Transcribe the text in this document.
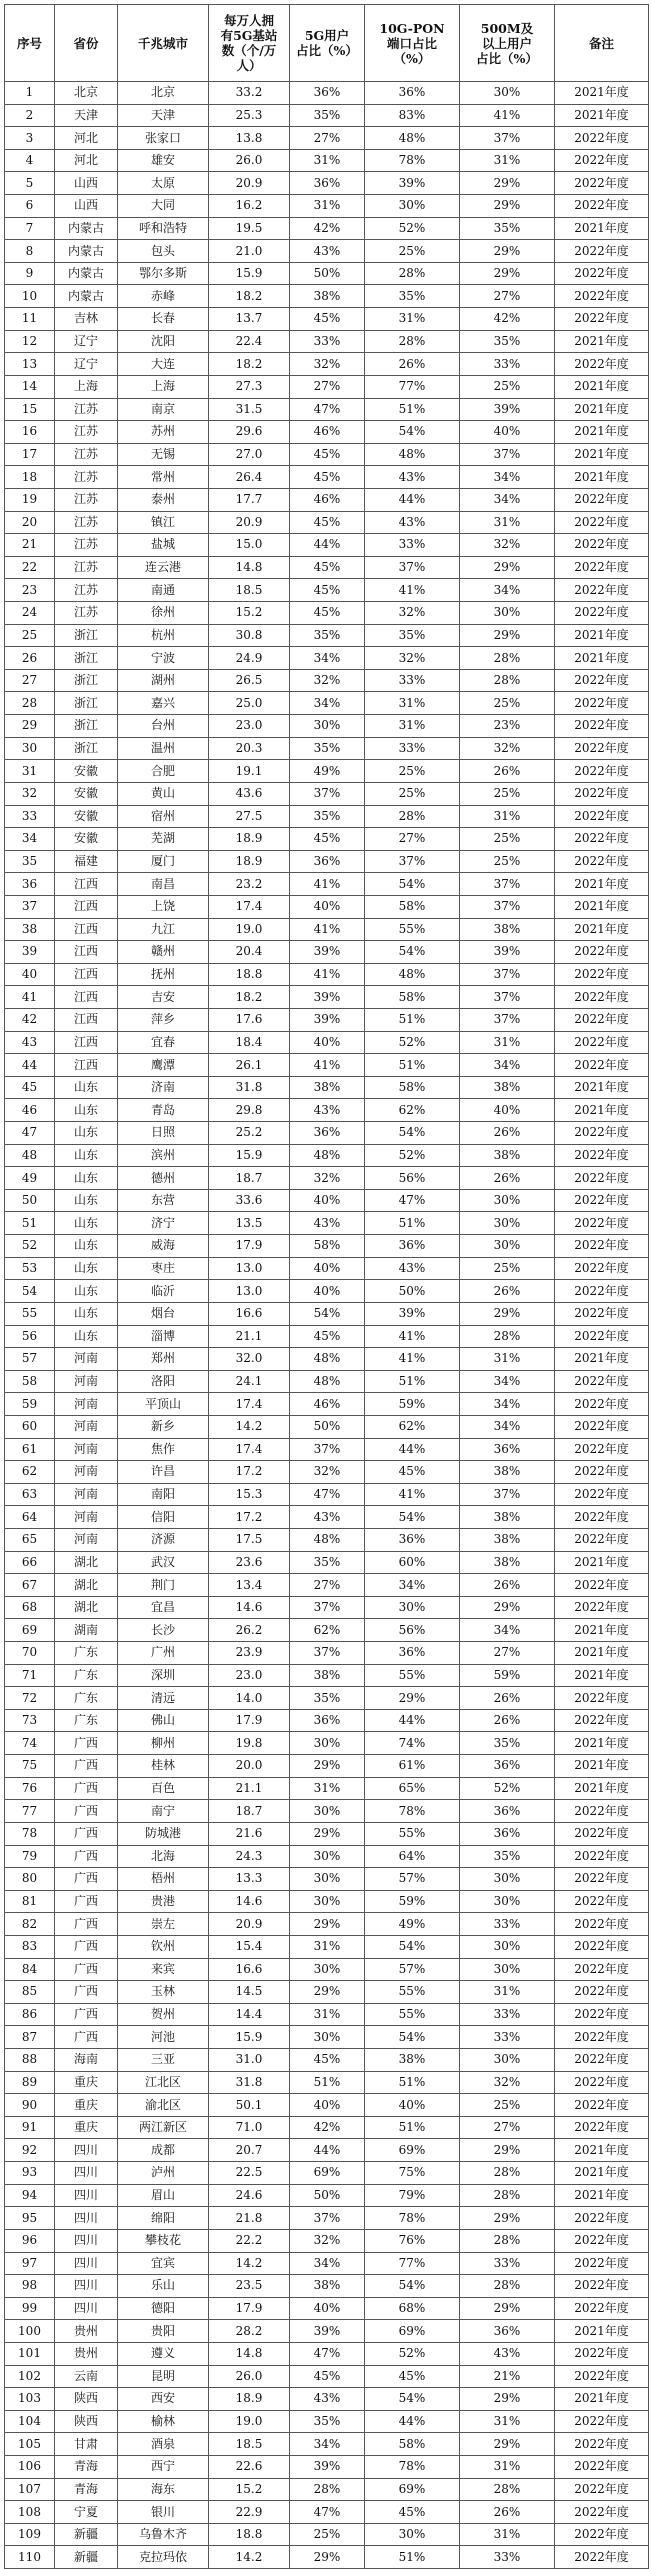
序号	省份	千兆城市	每万人拥
有5G基站
数（个/万
人）	5G用户
占比（%）	10G-PON
端口占比
（%）	500M及
以上用户
占比（%）	备注
1	北京	北京	33.2	36%	36%	30%	2021年度
2	天津	天津	25.3	35%	83%	41%	2021年度
3	河北	张家口	13.8	27%	48%	37%	2022年度
4	河北	雄安	26.0	31%	78%	31%	2022年度
5	山西	太原	20.9	36%	39%	29%	2022年度
6	山西	大同	16.2	31%	30%	29%	2022年度
7	内蒙古	呼和浩特	19.5	42%	52%	35%	2021年度
8	内蒙古	包头	21.0	43%	25%	29%	2022年度
9	内蒙古	鄂尔多斯	15.9	50%	28%	29%	2022年度
10	内蒙古	赤峰	18.2	38%	35%	27%	2022年度
11	吉林	长春	13.7	45%	31%	42%	2022年度
12	辽宁	沈阳	22.4	33%	28%	35%	2021年度
13	辽宁	大连	18.2	32%	26%	33%	2022年度
14	上海	上海	27.3	27%	77%	25%	2021年度
15	江苏	南京	31.5	47%	51%	39%	2021年度
16	江苏	苏州	29.6	46%	54%	40%	2021年度
17	江苏	无锡	27.0	45%	48%	37%	2021年度
18	江苏	常州	26.4	45%	43%	34%	2021年度
19	江苏	泰州	17.7	46%	44%	34%	2022年度
20	江苏	镇江	20.9	45%	43%	31%	2022年度
21	江苏	盐城	15.0	44%	33%	32%	2022年度
22	江苏	连云港	14.8	45%	37%	29%	2022年度
23	江苏	南通	18.5	45%	41%	34%	2022年度
24	江苏	徐州	15.2	45%	32%	30%	2022年度
25	浙江	杭州	30.8	35%	35%	29%	2021年度
26	浙江	宁波	24.9	34%	32%	28%	2021年度
27	浙江	湖州	26.5	32%	33%	28%	2022年度
28	浙江	嘉兴	25.0	34%	31%	25%	2022年度
29	浙江	台州	23.0	30%	31%	23%	2022年度
30	浙江	温州	20.3	35%	33%	32%	2022年度
31	安徽	合肥	19.1	49%	25%	26%	2022年度
32	安徽	黄山	43.6	37%	25%	25%	2022年度
33	安徽	宿州	27.5	35%	28%	31%	2022年度
34	安徽	芜湖	18.9	45%	27%	25%	2022年度
35	福建	厦门	18.9	36%	37%	25%	2022年度
36	江西	南昌	23.2	41%	54%	37%	2021年度
37	江西	上饶	17.4	40%	58%	37%	2021年度
38	江西	九江	19.0	41%	55%	38%	2021年度
39	江西	赣州	20.4	39%	54%	39%	2022年度
40	江西	抚州	18.8	41%	48%	37%	2022年度
41	江西	吉安	18.2	39%	58%	37%	2022年度
42	江西	萍乡	17.6	39%	51%	37%	2022年度
43	江西	宜春	18.4	40%	52%	31%	2022年度
44	江西	鹰潭	26.1	41%	51%	34%	2022年度
45	山东	济南	31.8	38%	58%	38%	2021年度
46	山东	青岛	29.8	43%	62%	40%	2021年度
47	山东	日照	25.2	36%	54%	26%	2022年度
48	山东	滨州	15.9	48%	52%	38%	2022年度
49	山东	德州	18.7	32%	56%	26%	2022年度
50	山东	东营	33.6	40%	47%	30%	2022年度
51	山东	济宁	13.5	43%	51%	30%	2022年度
52	山东	威海	17.9	58%	36%	30%	2022年度
53	山东	枣庄	13.0	40%	43%	25%	2022年度
54	山东	临沂	13.0	40%	50%	26%	2022年度
55	山东	烟台	16.6	54%	39%	29%	2022年度
56	山东	淄博	21.1	45%	41%	28%	2022年度
57	河南	郑州	32.0	48%	41%	31%	2021年度
58	河南	洛阳	24.1	48%	51%	34%	2022年度
59	河南	平顶山	17.4	46%	59%	34%	2022年度
60	河南	新乡	14.2	50%	62%	34%	2022年度
61	河南	焦作	17.4	37%	44%	36%	2022年度
62	河南	许昌	17.2	32%	45%	38%	2022年度
63	河南	南阳	15.3	47%	41%	37%	2022年度
64	河南	信阳	17.2	43%	54%	38%	2022年度
65	河南	济源	17.5	48%	36%	38%	2022年度
66	湖北	武汉	23.6	35%	60%	38%	2021年度
67	湖北	荆门	13.4	27%	34%	26%	2022年度
68	湖北	宜昌	14.6	37%	30%	29%	2022年度
69	湖南	长沙	26.2	62%	56%	34%	2021年度
70	广东	广州	23.9	37%	36%	27%	2021年度
71	广东	深圳	23.0	38%	55%	59%	2021年度
72	广东	清远	14.0	35%	29%	26%	2022年度
73	广东	佛山	17.9	36%	44%	26%	2022年度
74	广西	柳州	19.8	30%	74%	35%	2021年度
75	广西	桂林	20.0	29%	61%	36%	2021年度
76	广西	百色	21.1	31%	65%	52%	2021年度
77	广西	南宁	18.7	30%	78%	36%	2022年度
78	广西	防城港	21.6	29%	55%	36%	2022年度
79	广西	北海	24.3	30%	64%	35%	2022年度
80	广西	梧州	13.3	30%	57%	30%	2022年度
81	广西	贵港	14.6	30%	59%	30%	2022年度
82	广西	崇左	20.9	29%	49%	33%	2022年度
83	广西	钦州	15.4	31%	54%	30%	2022年度
84	广西	来宾	16.6	30%	57%	30%	2022年度
85	广西	玉林	14.5	29%	55%	31%	2022年度
86	广西	贺州	14.4	31%	55%	33%	2022年度
87	广西	河池	15.9	30%	54%	33%	2022年度
88	海南	三亚	31.0	45%	38%	30%	2022年度
89	重庆	江北区	31.8	51%	51%	32%	2022年度
90	重庆	渝北区	50.1	40%	40%	25%	2022年度
91	重庆	两江新区	71.0	42%	51%	27%	2022年度
92	四川	成都	20.7	44%	69%	29%	2021年度
93	四川	泸州	22.5	69%	75%	28%	2021年度
94	四川	眉山	24.6	50%	79%	28%	2021年度
95	四川	绵阳	21.8	37%	78%	29%	2022年度
96	四川	攀枝花	22.2	32%	76%	28%	2022年度
97	四川	宜宾	14.2	34%	77%	33%	2022年度
98	四川	乐山	23.5	38%	54%	28%	2022年度
99	四川	德阳	17.9	40%	68%	29%	2022年度
100	贵州	贵阳	28.2	39%	69%	36%	2021年度
101	贵州	遵义	14.8	47%	52%	43%	2022年度
102	云南	昆明	26.0	45%	45%	21%	2022年度
103	陕西	西安	18.9	43%	54%	29%	2021年度
104	陕西	榆林	19.0	35%	44%	31%	2022年度
105	甘肃	酒泉	18.5	34%	58%	29%	2022年度
106	青海	西宁	22.6	39%	78%	31%	2022年度
107	青海	海东	15.2	28%	69%	28%	2022年度
108	宁夏	银川	22.9	47%	45%	26%	2022年度
109	新疆	乌鲁木齐	18.8	25%	30%	31%	2022年度
110	新疆	克拉玛依	14.2	29%	51%	33%	2022年度
